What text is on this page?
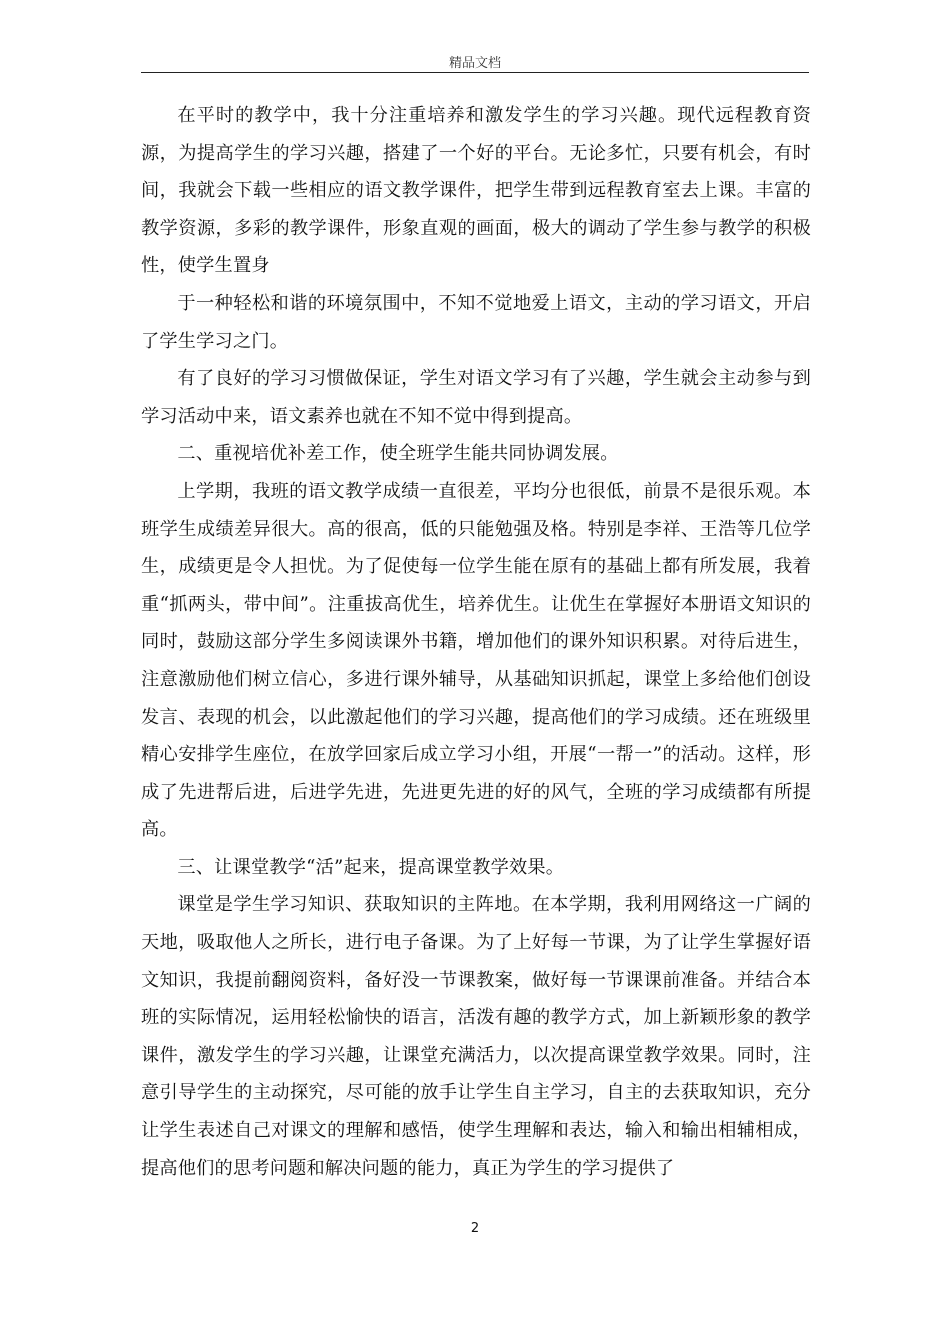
精品文档

在平时的教学中，我十分注重培养和激发学生的学习兴趣。现代远程教育资源，为提高学生的学习兴趣，搭建了一个好的平台。无论多忙，只要有机会，有时间，我就会下载一些相应的语文教学课件，把学生带到远程教育室去上课。丰富的教学资源，多彩的教学课件，形象直观的画面，极大的调动了学生参与教学的积极性，使学生置身

于一种轻松和谐的环境氛围中，不知不觉地爱上语文，主动的学习语文，开启了学生学习之门。

有了良好的学习习惯做保证，学生对语文学习有了兴趣，学生就会主动参与到学习活动中来，语文素养也就在不知不觉中得到提高。

二、重视培优补差工作，使全班学生能共同协调发展。

上学期，我班的语文教学成绩一直很差，平均分也很低，前景不是很乐观。本班学生成绩差异很大。高的很高，低的只能勉强及格。特别是李祥、王浩等几位学生，成绩更是令人担忧。为了促使每一位学生能在原有的基础上都有所发展，我着重“抓两头，带中间”。注重拔高优生，培养优生。让优生在掌握好本册语文知识的同时，鼓励这部分学生多阅读课外书籍，增加他们的课外知识积累。对待后进生，注意激励他们树立信心，多进行课外辅导，从基础知识抓起，课堂上多给他们创设发言、表现的机会，以此激起他们的学习兴趣，提高他们的学习成绩。还在班级里精心安排学生座位，在放学回家后成立学习小组，开展“一帮一”的活动。这样，形成了先进帮后进，后进学先进，先进更先进的好的风气，全班的学习成绩都有所提高。

三、让课堂教学“活”起来，提高课堂教学效果。

课堂是学生学习知识、获取知识的主阵地。在本学期，我利用网络这一广阔的天地，吸取他人之所长，进行电子备课。为了上好每一节课，为了让学生掌握好语文知识，我提前翻阅资料，备好没一节课教案，做好每一节课课前准备。并结合本班的实际情况，运用轻松愉快的语言，活泼有趣的教学方式，加上新颖形象的教学课件，激发学生的学习兴趣，让课堂充满活力，以次提高课堂教学效果。同时，注意引导学生的主动探究，尽可能的放手让学生自主学习，自主的去获取知识，充分让学生表述自己对课文的理解和感悟，使学生理解和表达，输入和输出相辅相成，提高他们的思考问题和解决问题的能力，真正为学生的学习提供了

2
